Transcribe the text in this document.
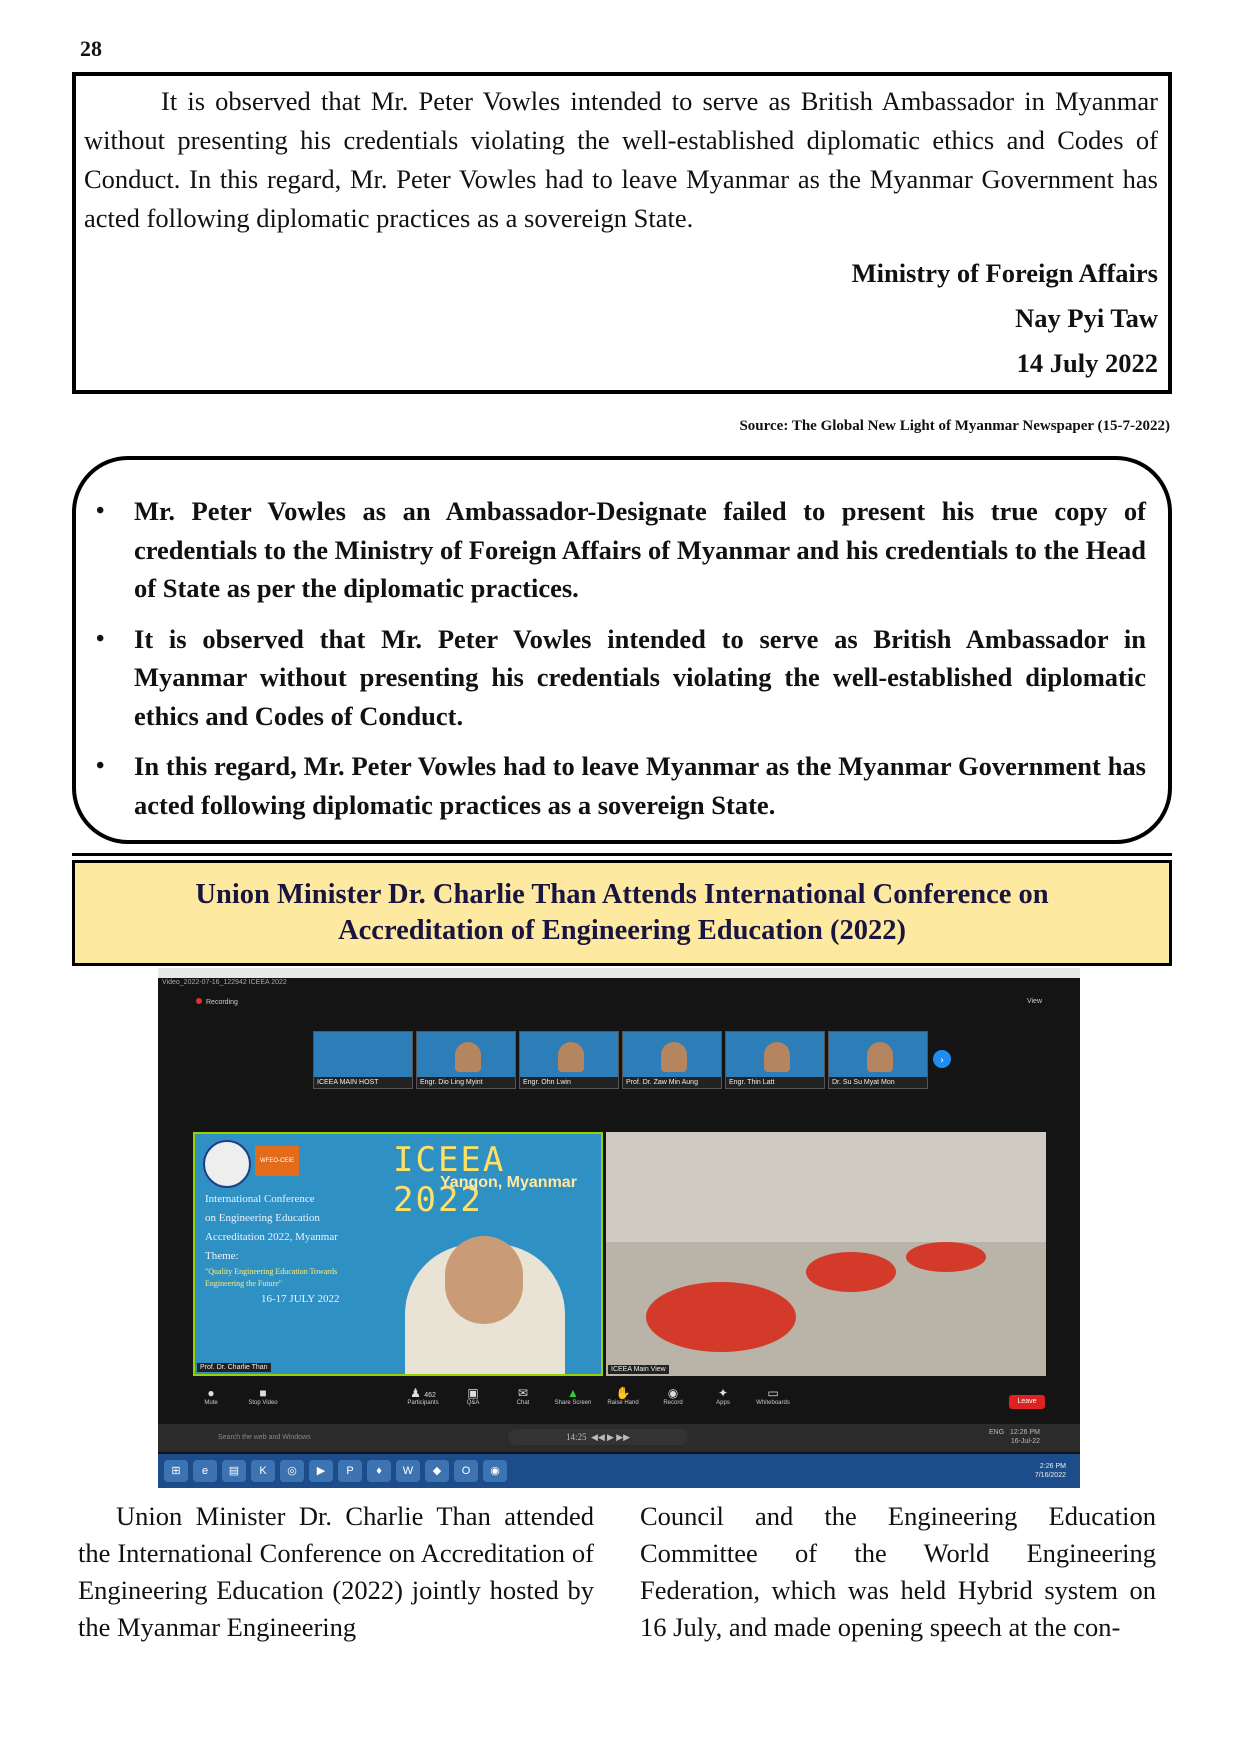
28

It is observed that Mr. Peter Vowles intended to serve as British Ambassador in Myanmar without presenting his credentials violating the well-established diplomatic ethics and Codes of Conduct. In this regard, Mr. Peter Vowles had to leave Myanmar as the Myanmar Government has acted following diplomatic practices as a sovereign State.

Ministry of Foreign Affairs
Nay Pyi Taw
14 July 2022
Source: The Global New Light of Myanmar Newspaper (15-7-2022)
• Mr. Peter Vowles as an Ambassador-Designate failed to present his true copy of credentials to the Ministry of Foreign Affairs of Myanmar and his credentials to the Head of State as per the diplomatic practices.
• It is observed that Mr. Peter Vowles intended to serve as British Ambassador in Myanmar without presenting his credentials violating the well-established diplomatic ethics and Codes of Conduct.
• In this regard, Mr. Peter Vowles had to leave Myanmar as the Myanmar Government has acted following diplomatic practices as a sovereign State.
Union Minister Dr. Charlie Than Attends International Conference on
Accreditation of Engineering Education (2022)
Video_2022-07-16_122942 ICEEA 2022
Recording	View
ICEEA MAIN HOST	Engr. Dio Ling Myint	Engr. Ohn Lwin	Prof. Dr. Zaw Min Aung	Engr. Thin Latt	Dr. Su Su Myat Mon
›
WFEO-CEIE	ICEEA 2022
Yangon, Myanmar
International Conference
on Engineering Education
Accreditation 2022, Myanmar
Theme:
"Quality Engineering Education Towards Engineering the Future"
16-17 JULY 2022
Prof. Dr. Charlie Than	ICEEA Main View
●
Mute
■
Stop Video
♟ 462
Participants
▣
Q&A
✉
Chat
▲
Share Screen
✋
Raise Hand
◉
Record
✦
Apps
▭
Whiteboards	Leave
Search the web and Windows	14:25  ◀◀ ▶ ▶▶	ENG 12:26 PM
16-Jul-22
⊞	e	▤	K	◎	▶	P	♦	W	◆	O	◉	2:26 PM
7/16/2022

Union Minister Dr. Charlie Than attended the International Conference on Accreditation of Engineering Education (2022) jointly hosted by the Myanmar Engineering

Council and the Engineering Education Committee of the World Engineering Federation, which was held Hybrid system on 16 July, and made opening speech at the con-
